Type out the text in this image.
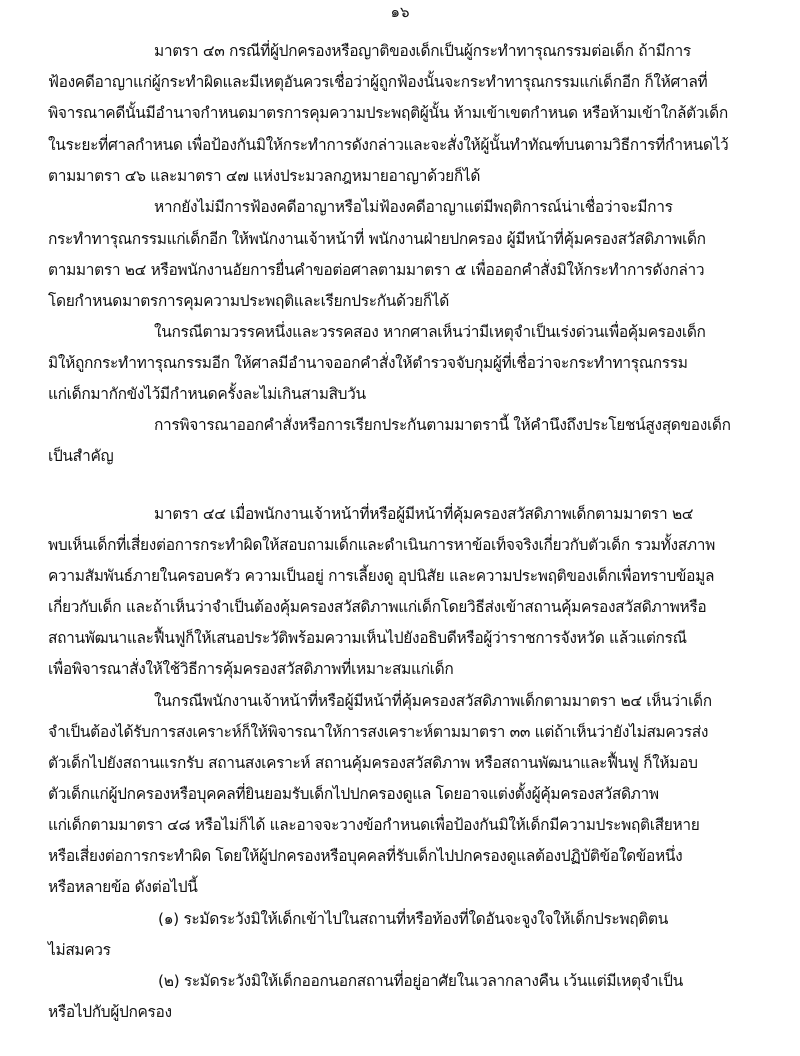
๑๖
มาตรา ๔๓ กรณีที่ผู้ปกครองหรือญาติของเด็กเป็นผู้กระทำทารุณกรรมต่อเด็ก ถ้ามีการ
ฟ้องคดีอาญาแก่ผู้กระทำผิดและมีเหตุอันควรเชื่อว่าผู้ถูกฟ้องนั้นจะกระทำทารุณกรรมแก่เด็กอีก ก็ให้ศาลที่
พิจารณาคดีนั้นมีอำนาจกำหนดมาตรการคุมความประพฤติผู้นั้น ห้ามเข้าเขตกำหนด หรือห้ามเข้าใกล้ตัวเด็ก
ในระยะที่ศาลกำหนด เพื่อป้องกันมิให้กระทำการดังกล่าวและจะสั่งให้ผู้นั้นทำทัณฑ์บนตามวิธีการที่กำหนดไว้
ตามมาตรา ๔๖ และมาตรา ๔๗ แห่งประมวลกฎหมายอาญาด้วยก็ได้
หากยังไม่มีการฟ้องคดีอาญาหรือไม่ฟ้องคดีอาญาแต่มีพฤติการณ์น่าเชื่อว่าจะมีการ
กระทำทารุณกรรมแก่เด็กอีก ให้พนักงานเจ้าหน้าที่ พนักงานฝ่ายปกครอง ผู้มีหน้าที่คุ้มครองสวัสดิภาพเด็ก
ตามมาตรา ๒๔ หรือพนักงานอัยการยื่นคำขอต่อศาลตามมาตรา ๕ เพื่อออกคำสั่งมิให้กระทำการดังกล่าว
โดยกำหนดมาตรการคุมความประพฤติและเรียกประกันด้วยก็ได้
ในกรณีตามวรรคหนึ่งและวรรคสอง หากศาลเห็นว่ามีเหตุจำเป็นเร่งด่วนเพื่อคุ้มครองเด็ก
มิให้ถูกกระทำทารุณกรรมอีก ให้ศาลมีอำนาจออกคำสั่งให้ตำรวจจับกุมผู้ที่เชื่อว่าจะกระทำทารุณกรรม
แก่เด็กมากักขังไว้มีกำหนดครั้งละไม่เกินสามสิบวัน
การพิจารณาออกคำสั่งหรือการเรียกประกันตามมาตรานี้ ให้คำนึงถึงประโยชน์สูงสุดของเด็ก
เป็นสำคัญ
มาตรา ๔๔ เมื่อพนักงานเจ้าหน้าที่หรือผู้มีหน้าที่คุ้มครองสวัสดิภาพเด็กตามมาตรา ๒๔
พบเห็นเด็กที่เสี่ยงต่อการกระทำผิดให้สอบถามเด็กและดำเนินการหาข้อเท็จจริงเกี่ยวกับตัวเด็ก รวมทั้งสภาพ
ความสัมพันธ์ภายในครอบครัว ความเป็นอยู่ การเลี้ยงดู อุปนิสัย และความประพฤติของเด็กเพื่อทราบข้อมูล
เกี่ยวกับเด็ก และถ้าเห็นว่าจำเป็นต้องคุ้มครองสวัสดิภาพแก่เด็กโดยวิธีส่งเข้าสถานคุ้มครองสวัสดิภาพหรือ
สถานพัฒนาและฟื้นฟูก็ให้เสนอประวัติพร้อมความเห็นไปยังอธิบดีหรือผู้ว่าราชการจังหวัด แล้วแต่กรณี
เพื่อพิจารณาสั่งให้ใช้วิธีการคุ้มครองสวัสดิภาพที่เหมาะสมแก่เด็ก
ในกรณีพนักงานเจ้าหน้าที่หรือผู้มีหน้าที่คุ้มครองสวัสดิภาพเด็กตามมาตรา ๒๔ เห็นว่าเด็ก
จำเป็นต้องได้รับการสงเคราะห์ก็ให้พิจารณาให้การสงเคราะห์ตามมาตรา ๓๓ แต่ถ้าเห็นว่ายังไม่สมควรส่ง
ตัวเด็กไปยังสถานแรกรับ สถานสงเคราะห์ สถานคุ้มครองสวัสดิภาพ หรือสถานพัฒนาและฟื้นฟู ก็ให้มอบ
ตัวเด็กแก่ผู้ปกครองหรือบุคคลที่ยินยอมรับเด็กไปปกครองดูแล โดยอาจแต่งตั้งผู้คุ้มครองสวัสดิภาพ
แก่เด็กตามมาตรา ๔๘ หรือไม่ก็ได้ และอาจจะวางข้อกำหนดเพื่อป้องกันมิให้เด็กมีความประพฤติเสียหาย
หรือเสี่ยงต่อการกระทำผิด โดยให้ผู้ปกครองหรือบุคคลที่รับเด็กไปปกครองดูแลต้องปฏิบัติข้อใดข้อหนึ่ง
หรือหลายข้อ ดังต่อไปนี้
(๑) ระมัดระวังมิให้เด็กเข้าไปในสถานที่หรือท้องที่ใดอันจะจูงใจให้เด็กประพฤติตน
ไม่สมควร
(๒) ระมัดระวังมิให้เด็กออกนอกสถานที่อยู่อาศัยในเวลากลางคืน เว้นแต่มีเหตุจำเป็น
หรือไปกับผู้ปกครอง
